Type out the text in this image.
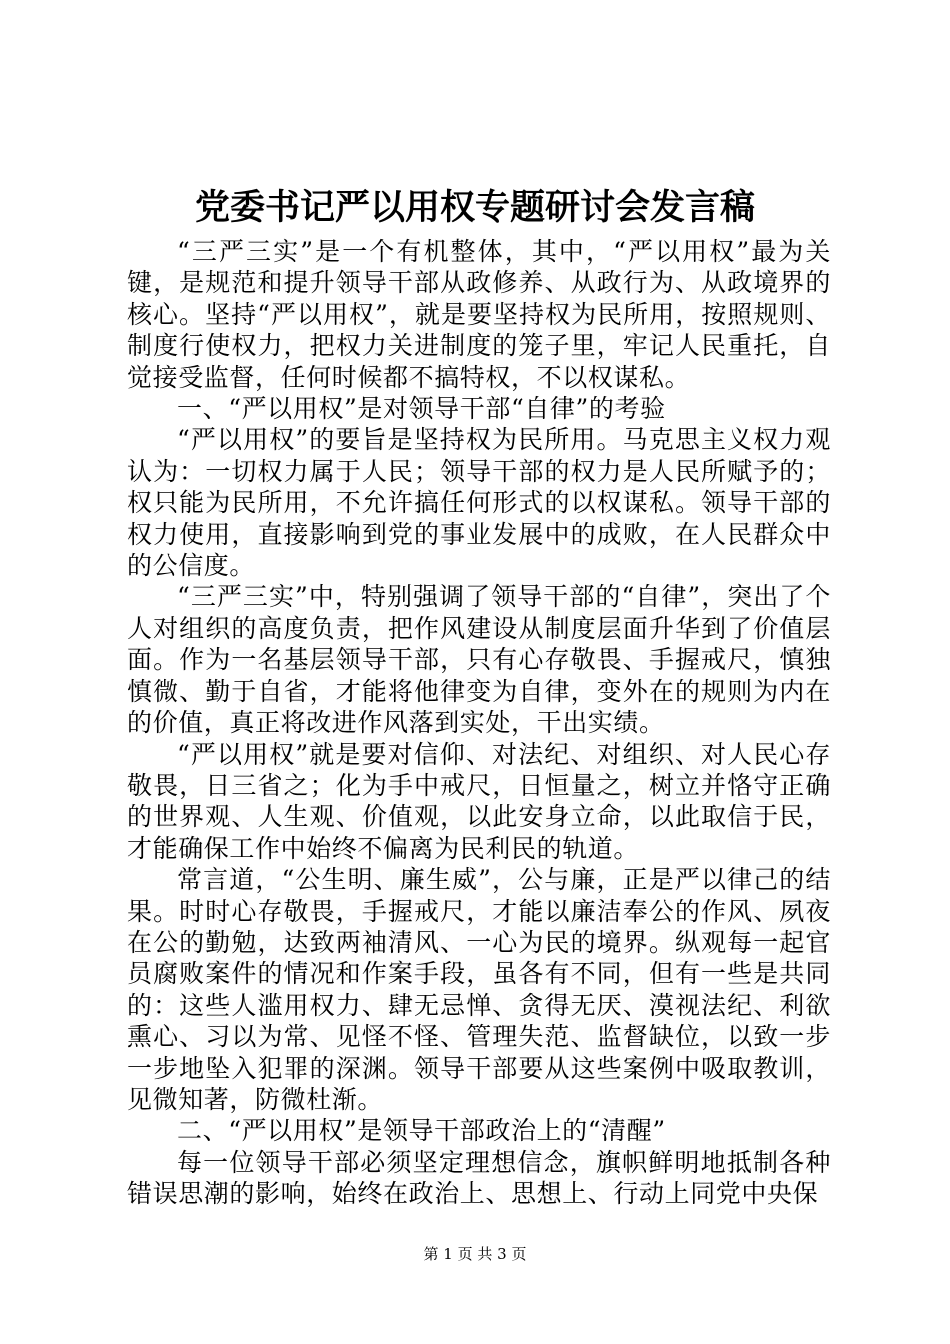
党委书记严以用权专题研讨会发言稿

“三严三实”是一个有机整体，其中，“严以用权”最为关键，是规范和提升领导干部从政修养、从政行为、从政境界的核心。坚持“严以用权”，就是要坚持权为民所用，按照规则、制度行使权力，把权力关进制度的笼子里，牢记人民重托，自觉接受监督，任何时候都不搞特权，不以权谋私。

一、“严以用权”是对领导干部“自律”的考验

“严以用权”的要旨是坚持权为民所用。马克思主义权力观认为：一切权力属于人民；领导干部的权力是人民所赋予的；权只能为民所用，不允许搞任何形式的以权谋私。领导干部的权力使用，直接影响到党的事业发展中的成败，在人民群众中的公信度。

“三严三实”中，特别强调了领导干部的“自律”，突出了个人对组织的高度负责，把作风建设从制度层面升华到了价值层面。作为一名基层领导干部，只有心存敬畏、手握戒尺，慎独慎微、勤于自省，才能将他律变为自律，变外在的规则为内在的价值，真正将改进作风落到实处，干出实绩。

“严以用权”就是要对信仰、对法纪、对组织、对人民心存敬畏，日三省之；化为手中戒尺，日恒量之，树立并恪守正确的世界观、人生观、价值观，以此安身立命，以此取信于民，才能确保工作中始终不偏离为民利民的轨道。

常言道，“公生明、廉生威”，公与廉，正是严以律己的结果。时时心存敬畏，手握戒尺，才能以廉洁奉公的作风、夙夜在公的勤勉，达致两袖清风、一心为民的境界。纵观每一起官员腐败案件的情况和作案手段，虽各有不同，但有一些是共同的：这些人滥用权力、肆无忌惮、贪得无厌、漠视法纪、利欲熏心、习以为常、见怪不怪、管理失范、监督缺位，以致一步一步地坠入犯罪的深渊。领导干部要从这些案例中吸取教训，见微知著，防微杜渐。

二、“严以用权”是领导干部政治上的“清醒”

每一位领导干部必须坚定理想信念，旗帜鲜明地抵制各种错误思潮的影响，始终在政治上、思想上、行动上同党中央保

第 1 页 共 3 页
